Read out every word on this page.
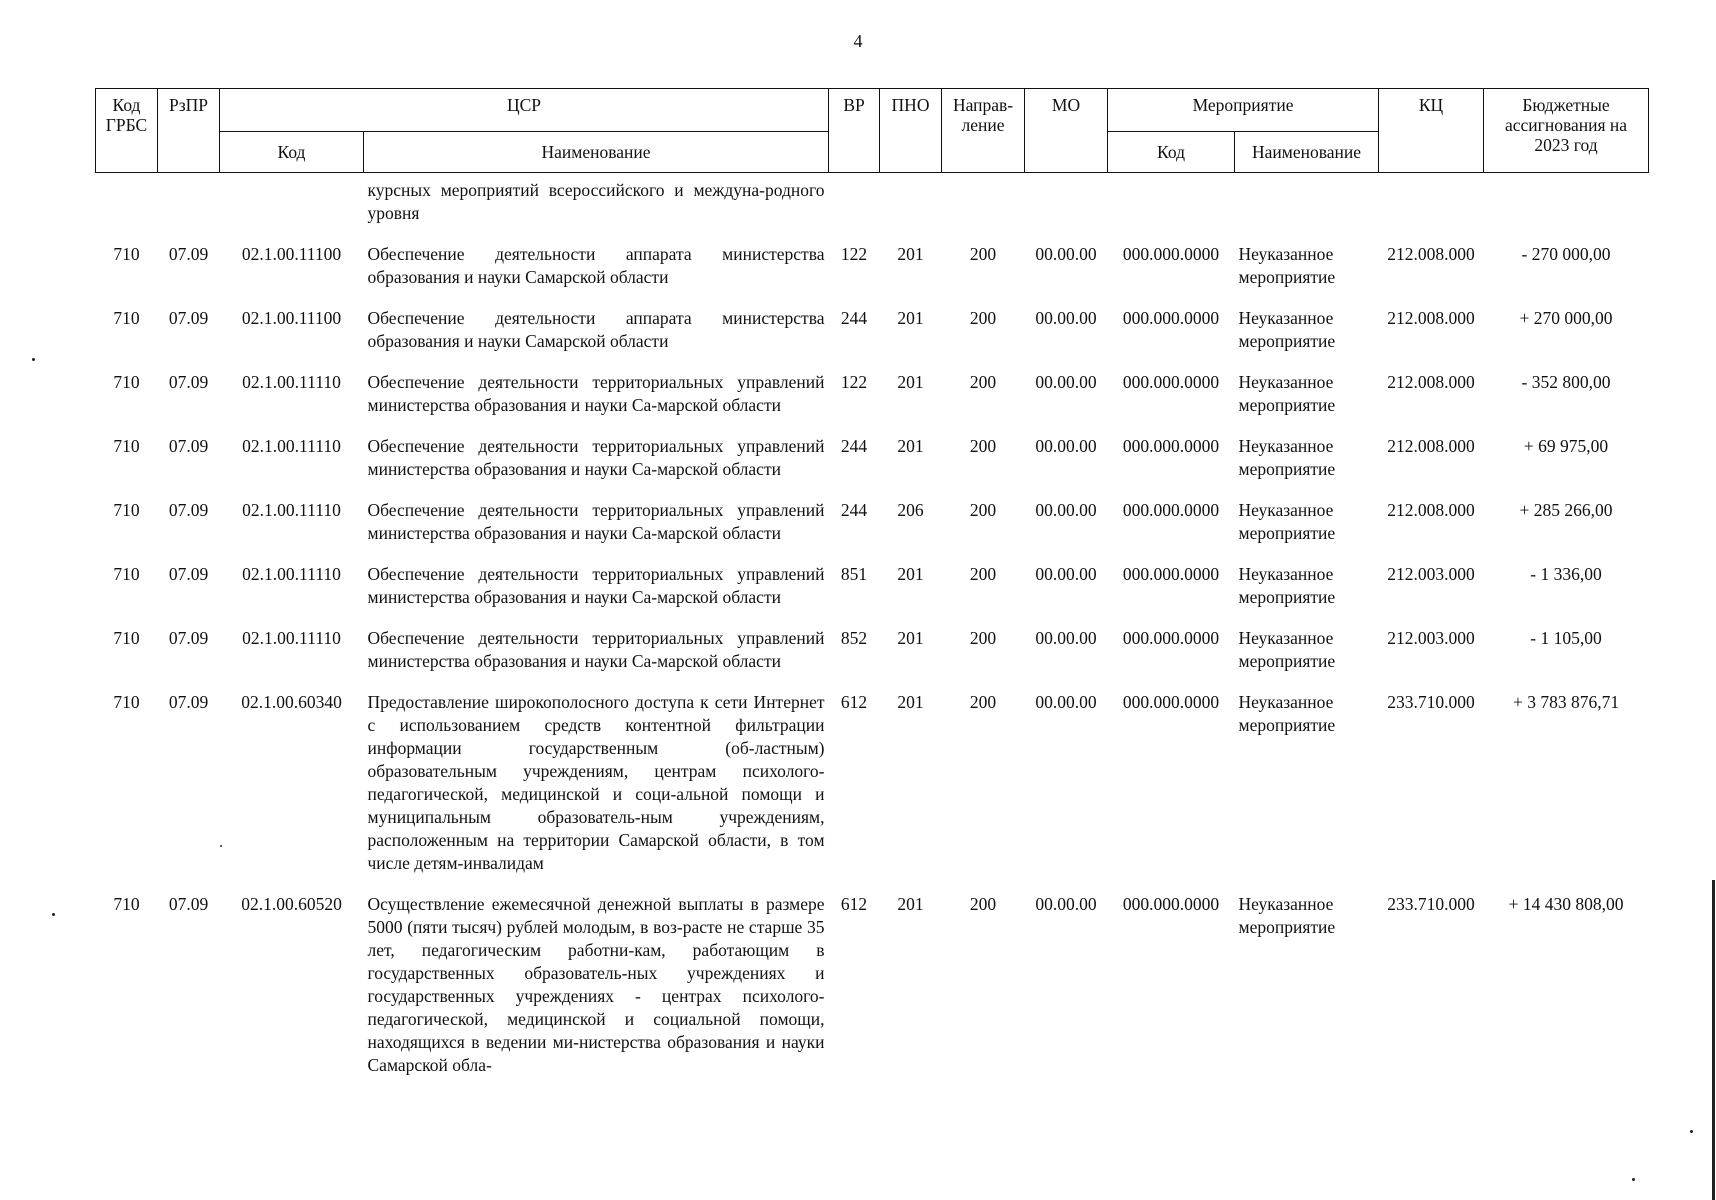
4
Код ГРБС	РзПР	ЦСР		ВР	ПНО	Направ-ление	МО	Мероприятие		КЦ	Бюджетные ассигнования на 2023 год
		Код	Наименование					Код	Наименование		
			курсных мероприятий всероссийского и междуна-родного уровня								
710	07.09	02.1.00.11100	Обеспечение деятельности аппарата министерства образования и науки Самарской области	122	201	200	00.00.00	000.000.0000	Неуказанное мероприятие	212.008.000	- 270 000,00
710	07.09	02.1.00.11100	Обеспечение деятельности аппарата министерства образования и науки Самарской области	244	201	200	00.00.00	000.000.0000	Неуказанное мероприятие	212.008.000	+ 270 000,00
710	07.09	02.1.00.11110	Обеспечение деятельности территориальных управлений министерства образования и науки Са-марской области	122	201	200	00.00.00	000.000.0000	Неуказанное мероприятие	212.008.000	- 352 800,00
710	07.09	02.1.00.11110	Обеспечение деятельности территориальных управлений министерства образования и науки Са-марской области	244	201	200	00.00.00	000.000.0000	Неуказанное мероприятие	212.008.000	+ 69 975,00
710	07.09	02.1.00.11110	Обеспечение деятельности территориальных управлений министерства образования и науки Са-марской области	244	206	200	00.00.00	000.000.0000	Неуказанное мероприятие	212.008.000	+ 285 266,00
710	07.09	02.1.00.11110	Обеспечение деятельности территориальных управлений министерства образования и науки Са-марской области	851	201	200	00.00.00	000.000.0000	Неуказанное мероприятие	212.003.000	- 1 336,00
710	07.09	02.1.00.11110	Обеспечение деятельности территориальных управлений министерства образования и науки Са-марской области	852	201	200	00.00.00	000.000.0000	Неуказанное мероприятие	212.003.000	- 1 105,00
710	07.09	02.1.00.60340	Предоставление широкополосного доступа к сети Интернет с использованием средств контентной фильтрации информации государственным (об-ластным) образовательным учреждениям, центрам психолого-педагогической, медицинской и соци-альной помощи и муниципальным образователь-ным учреждениям, расположенным на территории Самарской области, в том числе детям-инвалидам	612	201	200	00.00.00	000.000.0000	Неуказанное мероприятие	233.710.000	+ 3 783 876,71
710	07.09	02.1.00.60520	Осуществление ежемесячной денежной выплаты в размере 5000 (пяти тысяч) рублей молодым, в воз-расте не старше 35 лет, педагогическим работни-кам, работающим в государственных образователь-ных учреждениях и государственных учреждениях - центрах психолого-педагогической, медицинской и социальной помощи, находящихся в ведении ми-нистерства образования и науки Самарской обла-	612	201	200	00.00.00	000.000.0000	Неуказанное мероприятие	233.710.000	+ 14 430 808,00
